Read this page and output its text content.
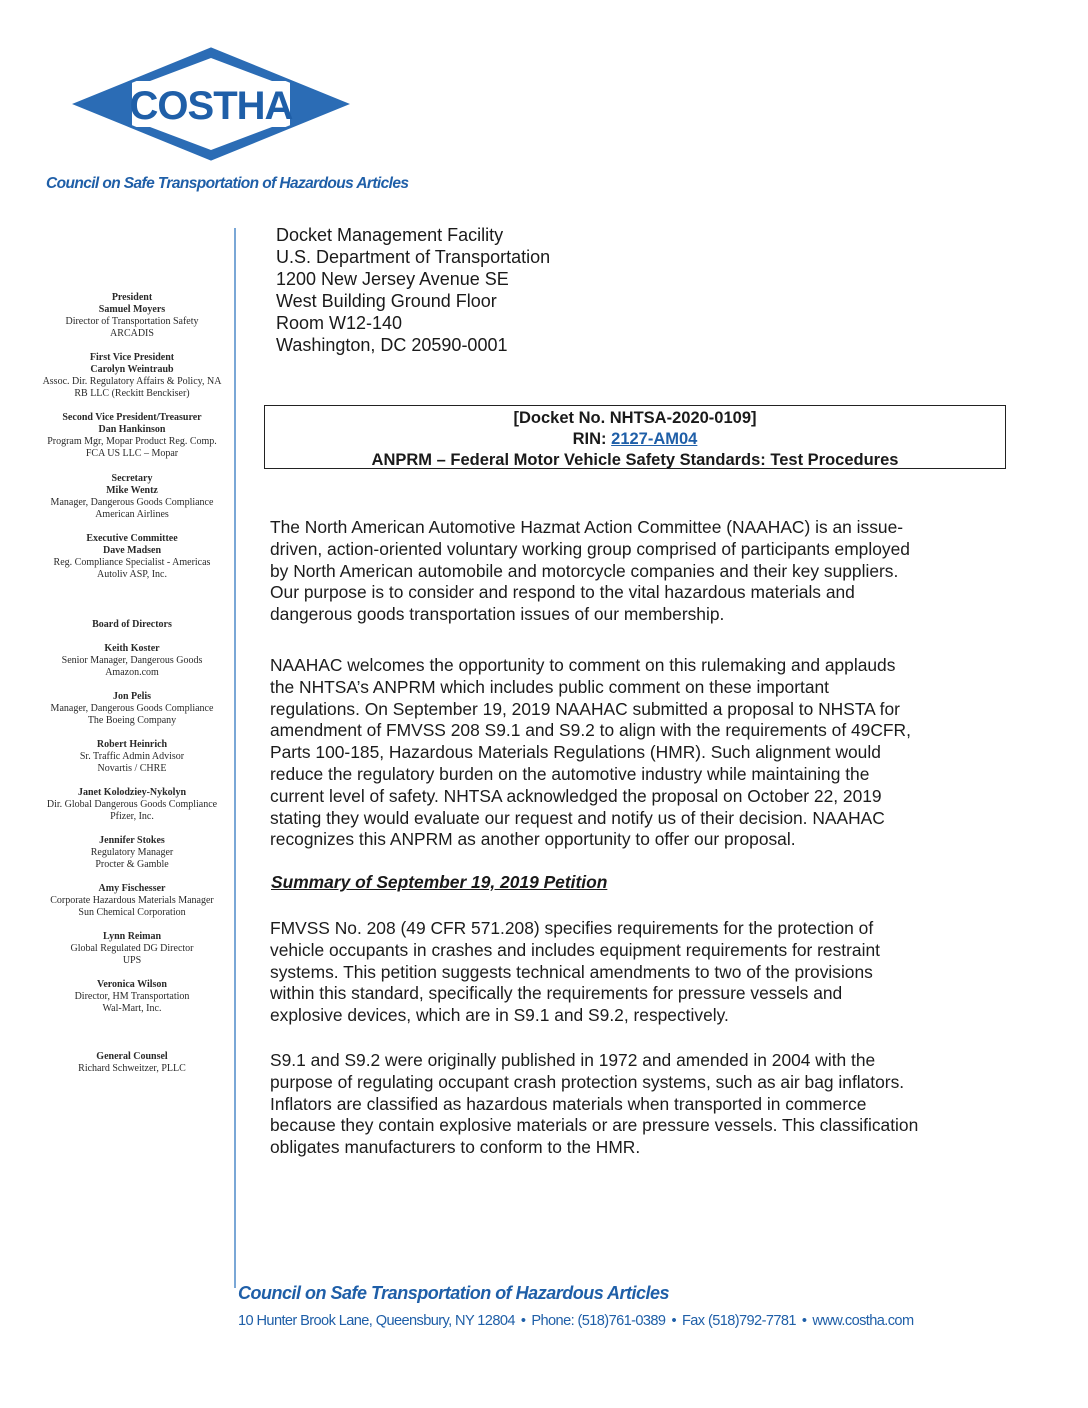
COSTHA
Council on Safe Transportation of Hazardous Articles
President
Samuel Moyers
Director of Transportation Safety
ARCADIS
First Vice President
Carolyn Weintraub
Assoc. Dir. Regulatory Affairs & Policy, NA
RB LLC (Reckitt Benckiser)
Second Vice President/Treasurer
Dan Hankinson
Program Mgr, Mopar Product Reg. Comp.
FCA US LLC – Mopar
Secretary
Mike Wentz
Manager, Dangerous Goods Compliance
American Airlines
Executive Committee
Dave Madsen
Reg. Compliance Specialist - Americas
Autoliv ASP, Inc.
Board of Directors
Keith Koster
Senior Manager, Dangerous Goods
Amazon.com
Jon Pelis
Manager, Dangerous Goods Compliance
The Boeing Company
Robert Heinrich
Sr. Traffic Admin Advisor
Novartis / CHRE
Janet Kolodziey-Nykolyn
Dir. Global Dangerous Goods Compliance
Pfizer, Inc.
Jennifer Stokes
Regulatory Manager
Procter & Gamble
Amy Fischesser
Corporate Hazardous Materials Manager
Sun Chemical Corporation
Lynn Reiman
Global Regulated DG Director
UPS
Veronica Wilson
Director, HM Transportation
Wal-Mart, Inc.
General Counsel
Richard Schweitzer, PLLC
Docket Management Facility
U.S. Department of Transportation
1200 New Jersey Avenue SE
West Building Ground Floor
Room W12-140
Washington, DC 20590-0001
[Docket No. NHTSA-2020-0109]
RIN: 2127-AM04
ANPRM – Federal Motor Vehicle Safety Standards: Test Procedures
The North American Automotive Hazmat Action Committee (NAAHAC) is an issue-
driven, action-oriented voluntary working group comprised of participants employed
by North American automobile and motorcycle companies and their key suppliers.
Our purpose is to consider and respond to the vital hazardous materials and
dangerous goods transportation issues of our membership.
NAAHAC welcomes the opportunity to comment on this rulemaking and applauds
the NHTSA’s ANPRM which includes public comment on these important
regulations. On September 19, 2019 NAAHAC submitted a proposal to NHSTA for
amendment of FMVSS 208 S9.1 and S9.2 to align with the requirements of 49CFR,
Parts 100-185, Hazardous Materials Regulations (HMR). Such alignment would
reduce the regulatory burden on the automotive industry while maintaining the
current level of safety. NHTSA acknowledged the proposal on October 22, 2019
stating they would evaluate our request and notify us of their decision. NAAHAC
recognizes this ANPRM as another opportunity to offer our proposal.
Summary of September 19, 2019 Petition
FMVSS No. 208 (49 CFR 571.208) specifies requirements for the protection of
vehicle occupants in crashes and includes equipment requirements for restraint
systems. This petition suggests technical amendments to two of the provisions
within this standard, specifically the requirements for pressure vessels and
explosive devices, which are in S9.1 and S9.2, respectively.
S9.1 and S9.2 were originally published in 1972 and amended in 2004 with the
purpose of regulating occupant crash protection systems, such as air bag inflators.
Inflators are classified as hazardous materials when transported in commerce
because they contain explosive materials or are pressure vessels. This classification
obligates manufacturers to conform to the HMR.
Council on Safe Transportation of Hazardous Articles
10 Hunter Brook Lane, Queensbury, NY 12804 • Phone: (518)761-0389 • Fax (518)792-7781 • www.costha.com
